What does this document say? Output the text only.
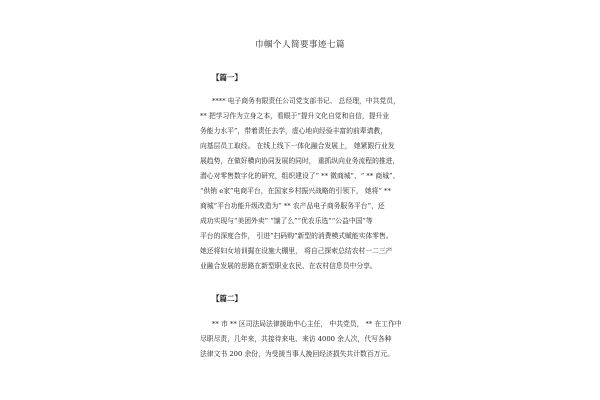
巾帼个人简要事迹七篇
【篇一】
**** 电子商务有限责任公司党支部书记、 总经理，中共党员，
** 把学习作为立身之本，看眼于“提升文化自觉和自信，提升业
务能力水平”，带着责任去学，虚心地向经验丰富的前辈请教，
向基层员工取经。 在线上线下一体化融合发展上， 她紧跟行业发
展趋势，在做好横向协同发展的同时， 重抓纵向业务流程的推进，
潜心对零售数字化的研究，组织建设了“ ** 微商城”、“ ** 商城”、
“供销 e家”电商平台，在国家乡村振兴战略的引领下， 她将“ **
商城”平台功能升级改造为“ ** 农产品电子商务服务平台”，还
成功实现与“美团外卖” “馕了么”“优农乐选”“公益中国”等
平台的深度合作， 引进“扫码购”新型的消费模式赋能实体零售。
她还将妇女培训掘在设施大棚里， 将自己探索总结农村一二三产
业融合发展的思路在新型职业农民、在农村信息员中分享。
【篇二】
** 市 ** 区司法局法律援助中心主任， 中共党员， ** 在工作中
尽职尽责，几年来，共接待来电、来访 4000 余人次，代写各种
法律文书 200 余份，为受援当事人挽回经济损失共计数百万元。
